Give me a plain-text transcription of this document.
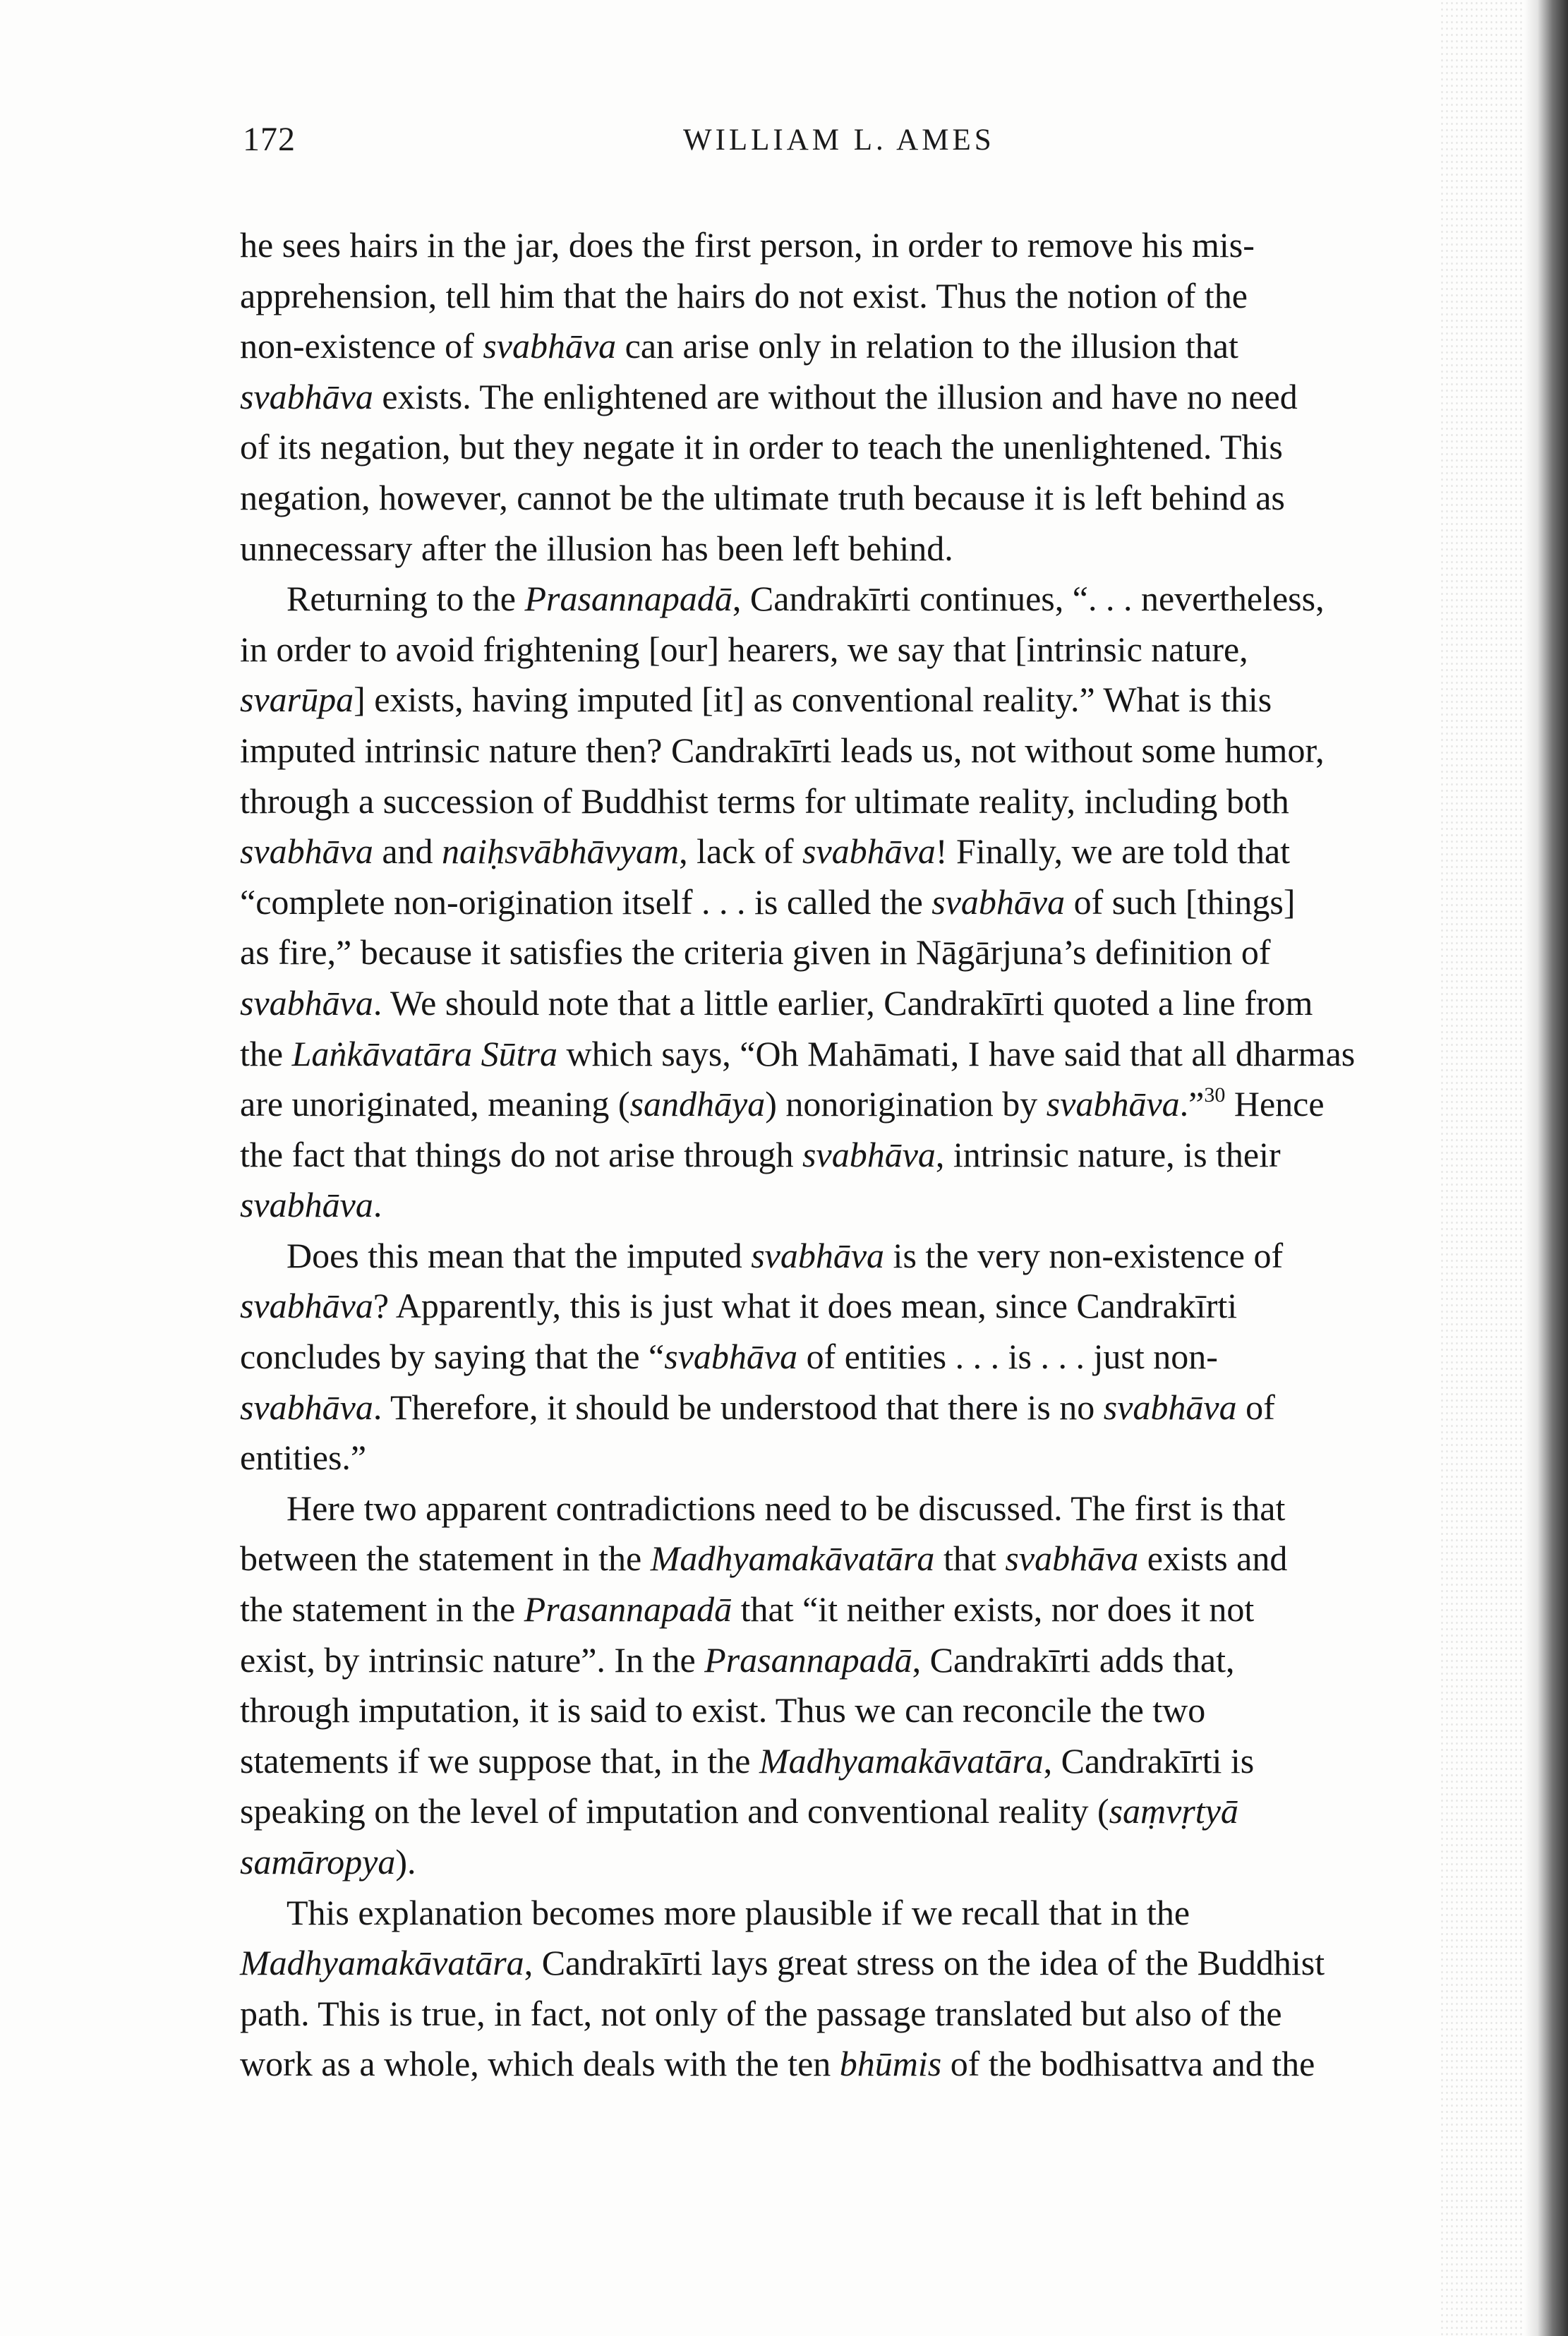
172	WILLIAM L. AMES
he sees hairs in the jar, does the first person, in order to remove his mis-
apprehension, tell him that the hairs do not exist. Thus the notion of the
non-existence of svabhāva can arise only in relation to the illusion that
svabhāva exists. The enlightened are without the illusion and have no need
of its negation, but they negate it in order to teach the unenlightened. This
negation, however, cannot be the ultimate truth because it is left behind as
unnecessary after the illusion has been left behind.
Returning to the Prasannapadā, Candrakīrti continues, “. . . nevertheless,
in order to avoid frightening [our] hearers, we say that [intrinsic nature,
svarūpa] exists, having imputed [it] as conventional reality.” What is this
imputed intrinsic nature then? Candrakīrti leads us, not without some humor,
through a succession of Buddhist terms for ultimate reality, including both
svabhāva and naiḥsvābhāvyam, lack of svabhāva! Finally, we are told that
“complete non-origination itself . . . is called the svabhāva of such [things]
as fire,” because it satisfies the criteria given in Nāgārjuna’s definition of
svabhāva. We should note that a little earlier, Candrakīrti quoted a line from
the Laṅkāvatāra Sūtra which says, “Oh Mahāmati, I have said that all dharmas
are unoriginated, meaning (sandhāya) nonorigination by svabhāva.”$^{30}$ Hence
the fact that things do not arise through svabhāva, intrinsic nature, is their
svabhāva.
Does this mean that the imputed svabhāva is the very non-existence of
svabhāva? Apparently, this is just what it does mean, since Candrakīrti
concludes by saying that the “svabhāva of entities . . . is . . . just non-
svabhāva. Therefore, it should be understood that there is no svabhāva of
entities.”
Here two apparent contradictions need to be discussed. The first is that
between the statement in the Madhyamakāvatāra that svabhāva exists and
the statement in the Prasannapadā that “it neither exists, nor does it not
exist, by intrinsic nature”. In the Prasannapadā, Candrakīrti adds that,
through imputation, it is said to exist. Thus we can reconcile the two
statements if we suppose that, in the Madhyamakāvatāra, Candrakīrti is
speaking on the level of imputation and conventional reality (saṃvṛtyā
samāropya).
This explanation becomes more plausible if we recall that in the
Madhyamakāvatāra, Candrakīrti lays great stress on the idea of the Buddhist
path. This is true, in fact, not only of the passage translated but also of the
work as a whole, which deals with the ten bhūmis of the bodhisattva and the
